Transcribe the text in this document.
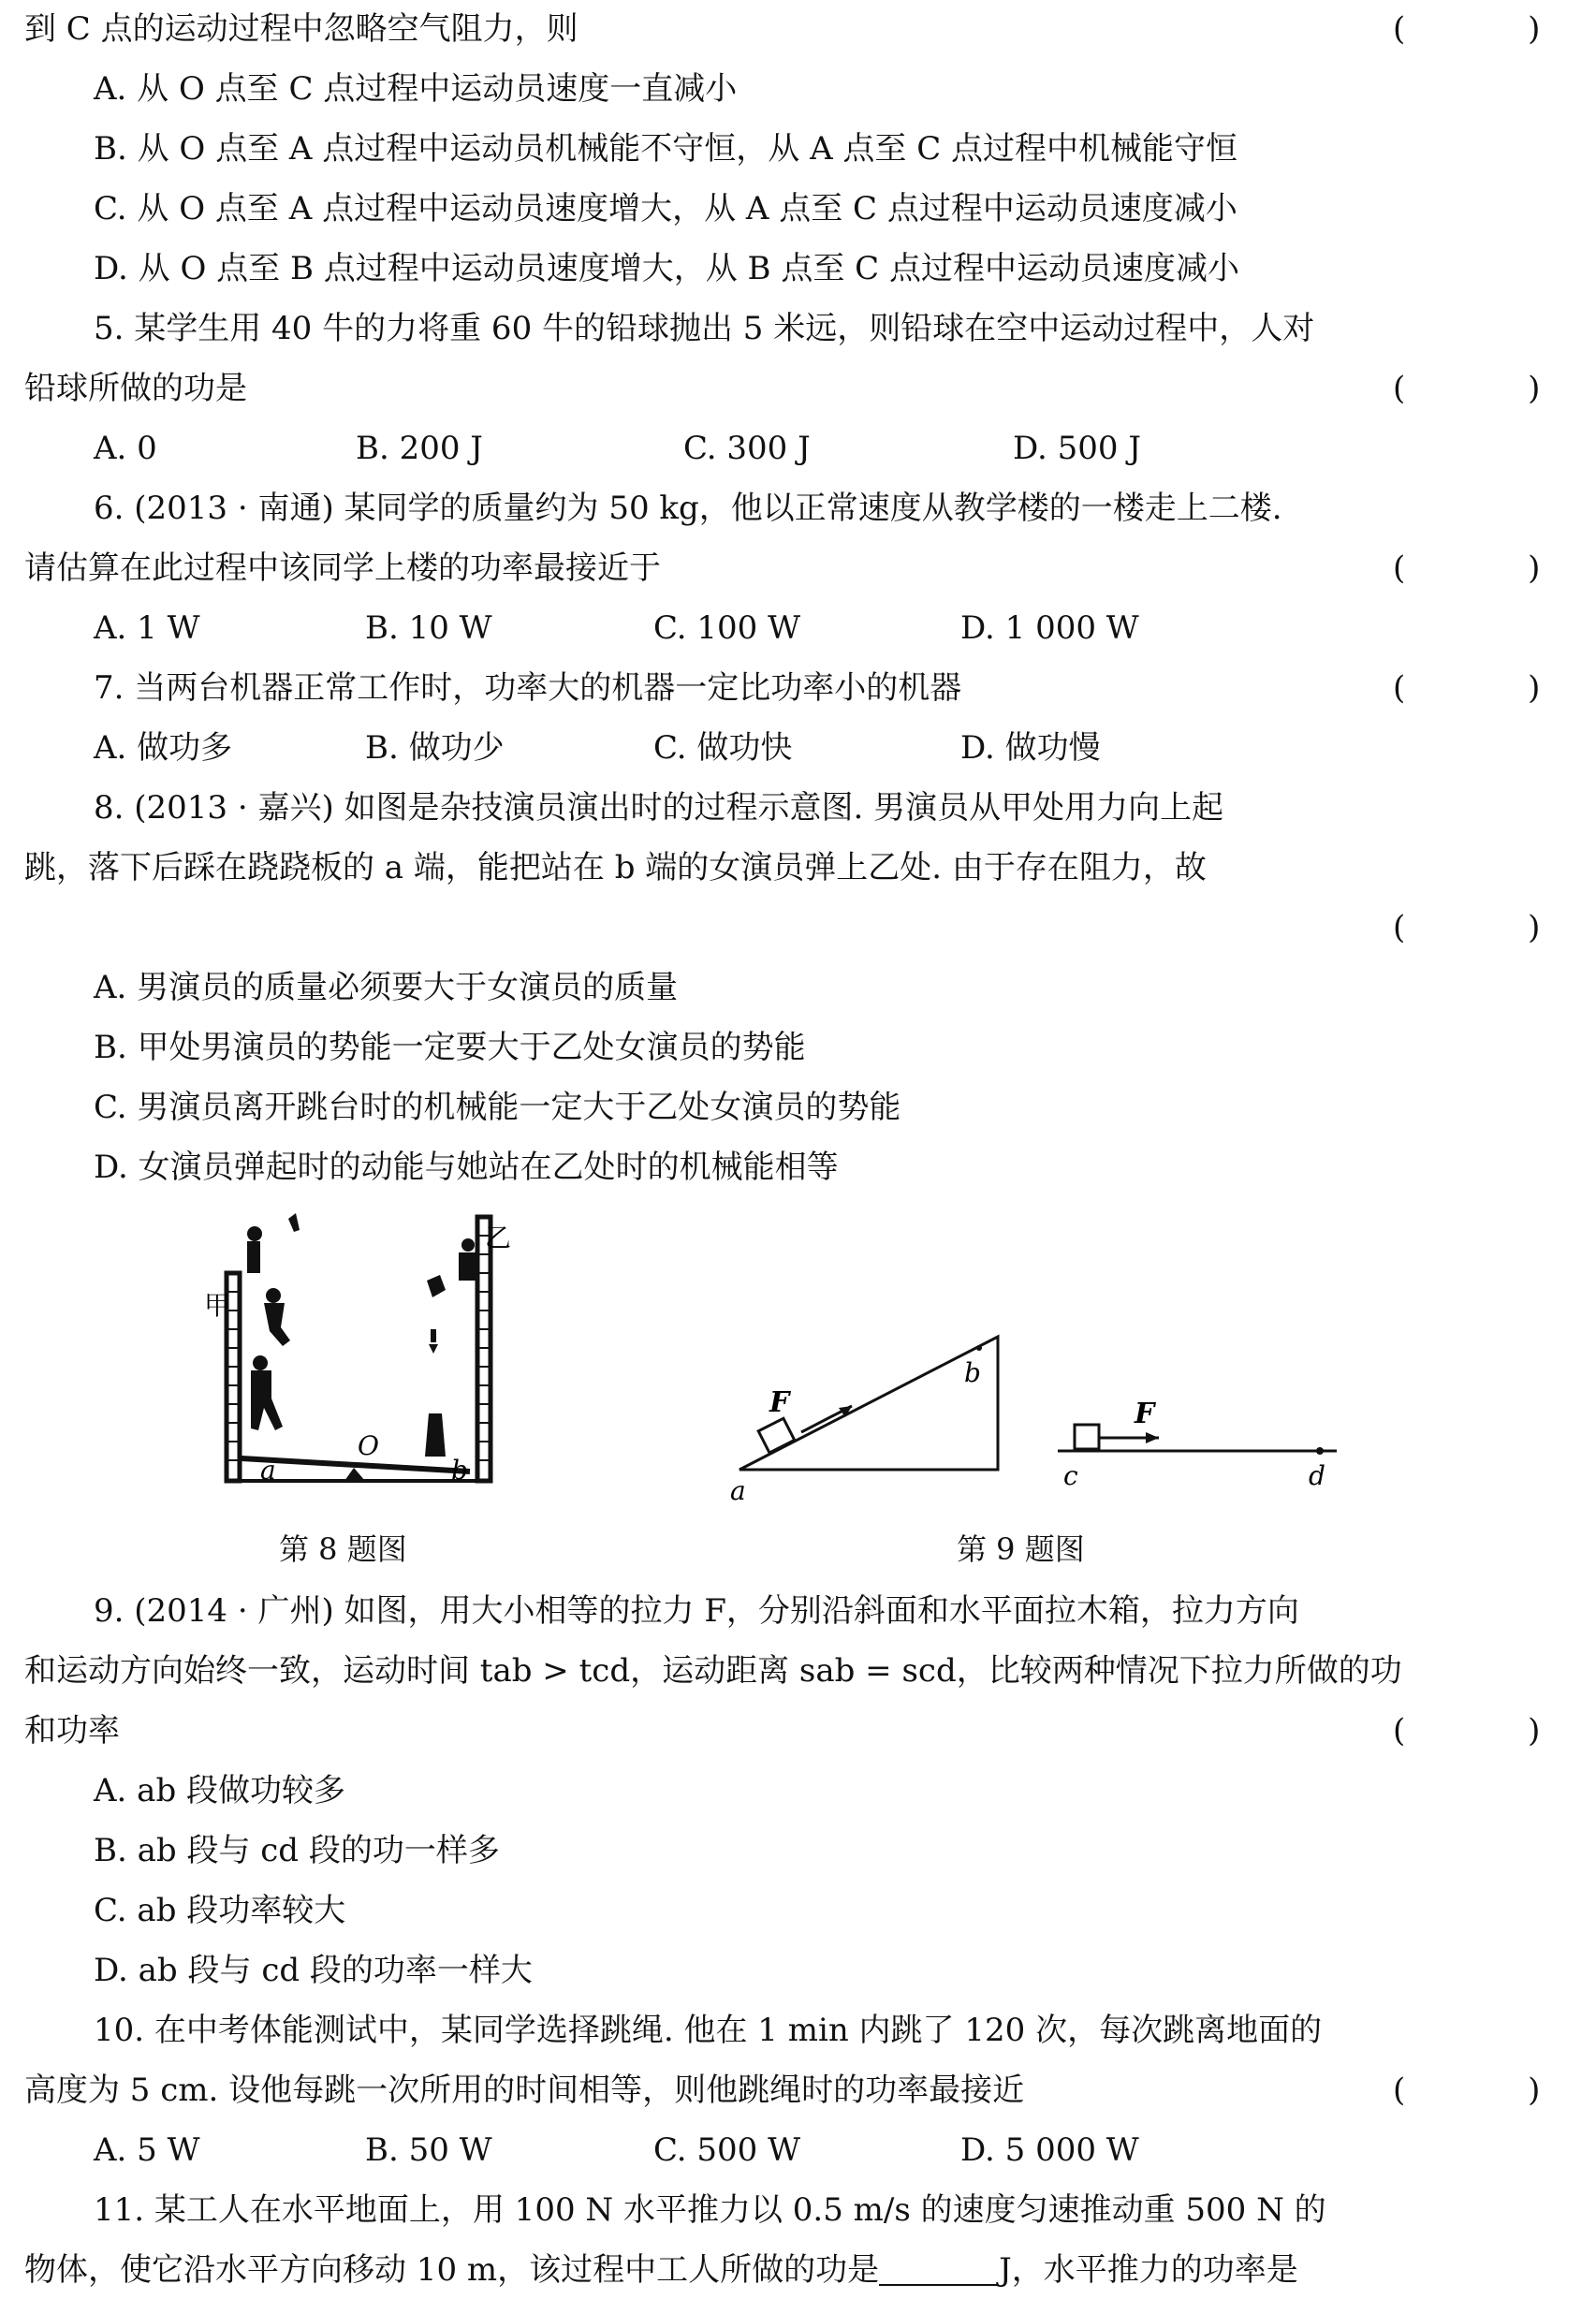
到 C 点的运动过程中忽略空气阻力，则	( )
A. 从 O 点至 C 点过程中运动员速度一直减小
B. 从 O 点至 A 点过程中运动员机械能不守恒，从 A 点至 C 点过程中机械能守恒
C. 从 O 点至 A 点过程中运动员速度增大，从 A 点至 C 点过程中运动员速度减小
D. 从 O 点至 B 点过程中运动员速度增大，从 B 点至 C 点过程中运动员速度减小
5. 某学生用 40 牛的力将重 60 牛的铅球抛出 5 米远，则铅球在空中运动过程中，人对
铅球所做的功是	( )
A. 0	B. 200 J	C. 300 J	D. 500 J
6. (2013 · 南通) 某同学的质量约为 50 kg，他以正常速度从教学楼的一楼走上二楼.
请估算在此过程中该同学上楼的功率最接近于	( )
A. 1 W	B. 10 W	C. 100 W	D. 1 000 W
7. 当两台机器正常工作时，功率大的机器一定比功率小的机器	( )
A. 做功多	B. 做功少	C. 做功快	D. 做功慢
8. (2013 · 嘉兴) 如图是杂技演员演出时的过程示意图. 男演员从甲处用力向上起
跳，落下后踩在跷跷板的 a 端，能把站在 b 端的女演员弹上乙处. 由于存在阻力，故
( )
A. 男演员的质量必须要大于女演员的质量
B. 甲处男演员的势能一定要大于乙处女演员的势能
C. 男演员离开跳台时的机械能一定大于乙处女演员的势能
D. 女演员弹起时的动能与她站在乙处时的机械能相等
甲
乙
a
O
b
第 8 题图
F
a
b
F
c	d
第 9 题图
9. (2014 · 广州) 如图，用大小相等的拉力 F，分别沿斜面和水平面拉木箱，拉力方向
和运动方向始终一致，运动时间 tab > tcd，运动距离 sab = scd，比较两种情况下拉力所做的功
和功率	( )
A. ab 段做功较多
B. ab 段与 cd 段的功一样多
C. ab 段功率较大
D. ab 段与 cd 段的功率一样大
10. 在中考体能测试中，某同学选择跳绳. 他在 1 min 内跳了 120 次，每次跳离地面的
高度为 5 cm. 设他每跳一次所用的时间相等，则他跳绳时的功率最接近	( )
A. 5 W	B. 50 W	C. 500 W	D. 5 000 W
11. 某工人在水平地面上，用 100 N 水平推力以 0.5 m/s 的速度匀速推动重 500 N 的
物体，使它沿水平方向移动 10 m，该过程中工人所做的功是	J，水平推力的功率是
